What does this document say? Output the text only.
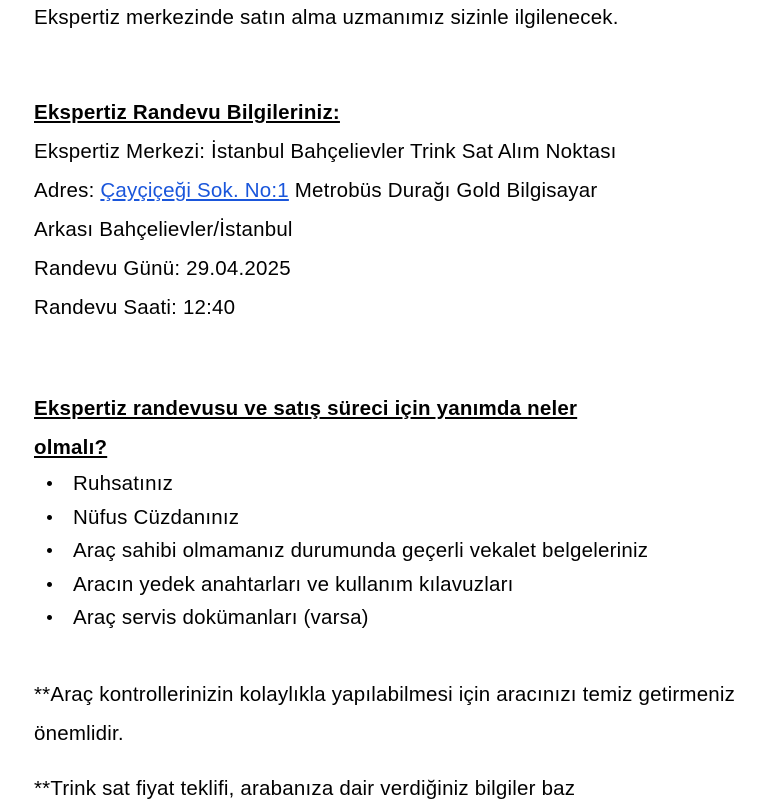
Ekspertiz merkezinde satın alma uzmanımız sizinle ilgilenecek.

Ekspertiz Randevu Bilgileriniz:

Ekspertiz Merkezi: İstanbul Bahçelievler Trink Sat Alım Noktası

Adres: Çayçiçeği Sok. No:1 Metrobüs Durağı Gold Bilgisayar

Arkası Bahçelievler/İstanbul

Randevu Günü: 29.04.2025

Randevu Saati: 12:40

Ekspertiz randevusu ve satış süreci için yanımda neler

olmalı?

Ruhsatınız
Nüfus Cüzdanınız
Araç sahibi olmamanız durumunda geçerli vekalet belgeleriniz
Aracın yedek anahtarları ve kullanım kılavuzları
Araç servis dokümanları (varsa)

**Araç kontrollerinizin kolaylıkla yapılabilmesi için aracınızı temiz getirmeniz önemlidir.

**Trink sat fiyat teklifi, arabanıza dair verdiğiniz bilgiler baz
